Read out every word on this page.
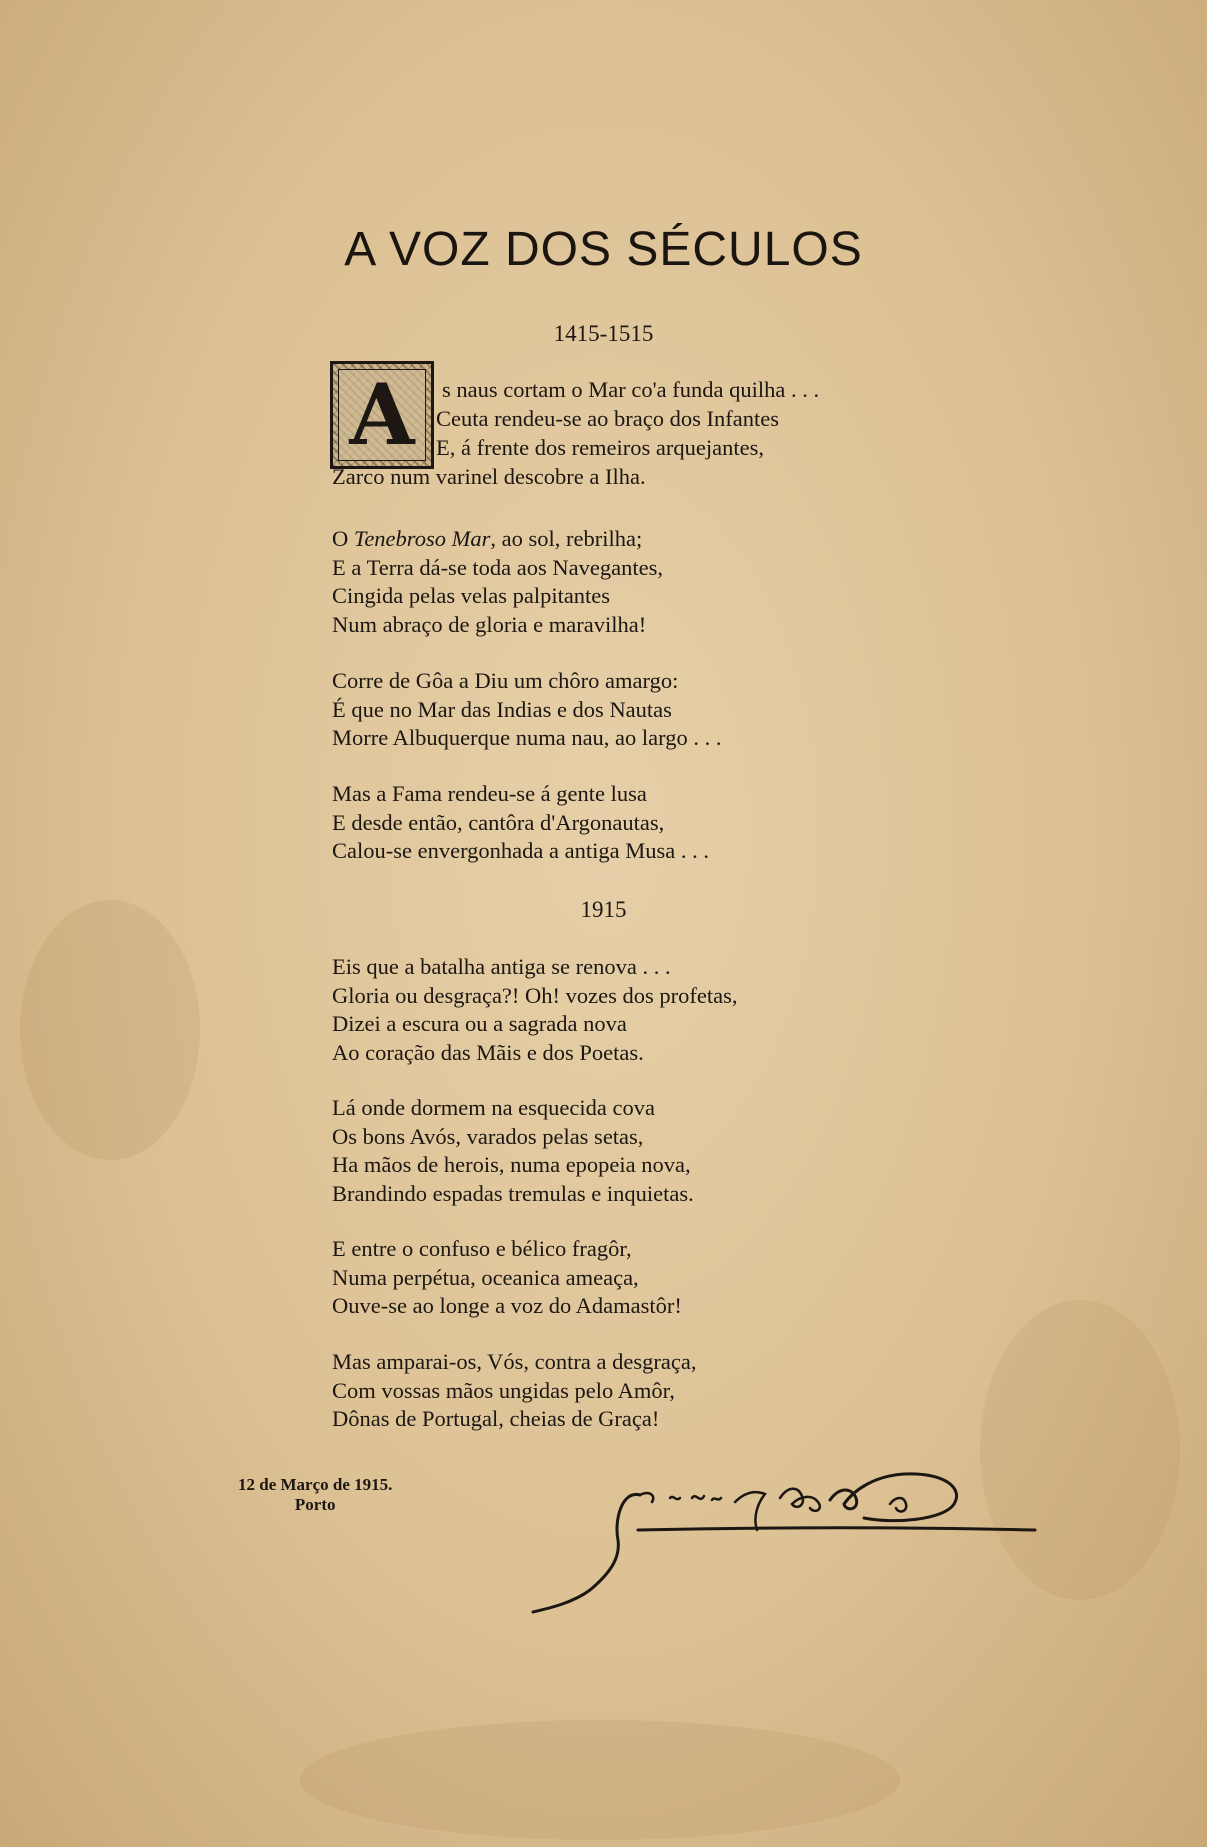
A VOZ DOS SÉCULOS

1415-1515

A	s naus cortam o Mar co'a funda quilha . . .
Ceuta rendeu-se ao braço dos Infantes
E, á frente dos remeiros arquejantes,
Zarco num varinel descobre a Ilha.

O Tenebroso Mar, ao sol, rebrilha;
E a Terra dá-se toda aos Navegantes,
Cingida pelas velas palpitantes
Num abraço de gloria e maravilha!

Corre de Gôa a Diu um chôro amargo:
É que no Mar das Indias e dos Nautas
Morre Albuquerque numa nau, ao largo . . .

Mas a Fama rendeu-se á gente lusa
E desde então, cantôra d'Argonautas,
Calou-se envergonhada a antiga Musa . . .

1915

Eis que a batalha antiga se renova . . .
Gloria ou desgraça?! Oh! vozes dos profetas,
Dizei a escura ou a sagrada nova
Ao coração das Mãis e dos Poetas.

Lá onde dormem na esquecida cova
Os bons Avós, varados pelas setas,
Ha mãos de herois, numa epopeia nova,
Brandindo espadas tremulas e inquietas.

E entre o confuso e bélico fragôr,
Numa perpétua, oceanica ameaça,
Ouve-se ao longe a voz do Adamastôr!

Mas amparai-os, Vós, contra a desgraça,
Com vossas mãos ungidas pelo Amôr,
Dônas de Portugal, cheias de Graça!

12 de Março de 1915.
Porto
